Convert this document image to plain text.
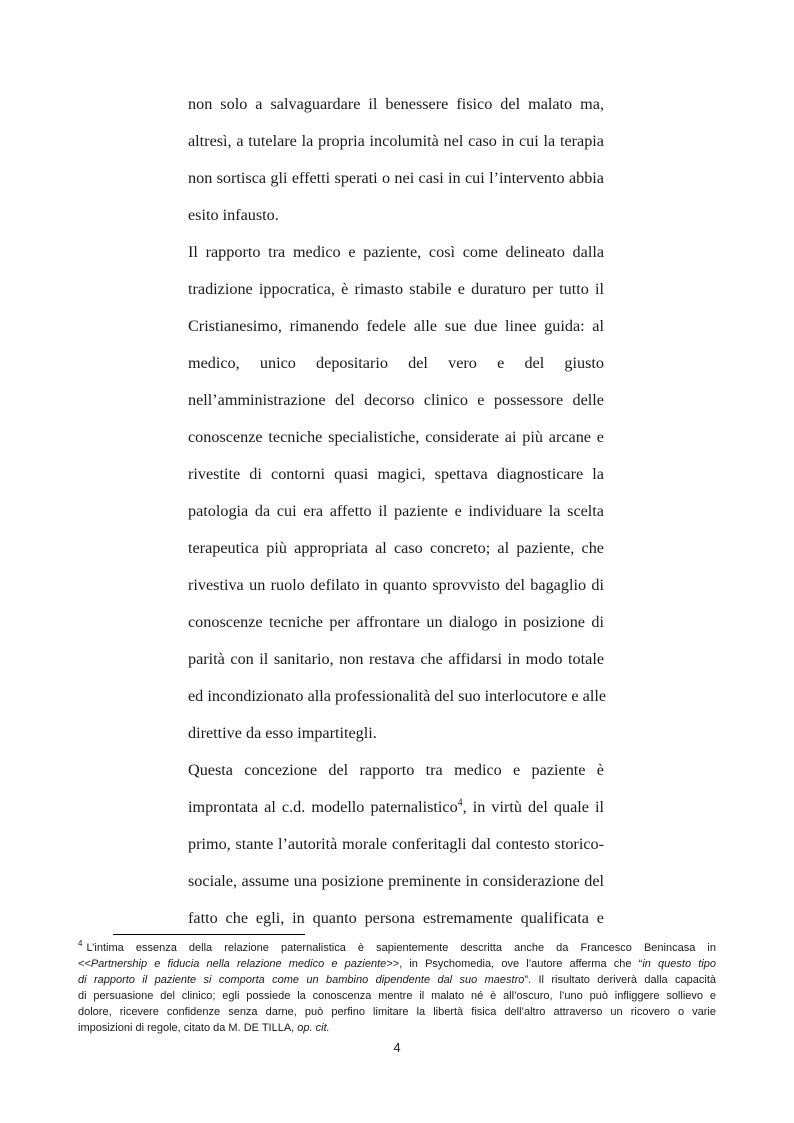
non solo a salvaguardare il benessere fisico del malato ma,
altresì, a tutelare la propria incolumità nel caso in cui la terapia
non sortisca gli effetti sperati o nei casi in cui l’intervento abbia
esito infausto.
Il rapporto tra medico e paziente, così come delineato dalla
tradizione ippocratica, è rimasto stabile e duraturo per tutto il
Cristianesimo, rimanendo fedele alle sue due linee guida: al
medico, unico depositario del vero e del giusto
nell’amministrazione del decorso clinico e possessore delle
conoscenze tecniche specialistiche, considerate ai più arcane e
rivestite di contorni quasi magici, spettava diagnosticare la
patologia da cui era affetto il paziente e individuare la scelta
terapeutica più appropriata al caso concreto; al paziente, che
rivestiva un ruolo defilato in quanto sprovvisto del bagaglio di
conoscenze tecniche per affrontare un dialogo in posizione di
parità con il sanitario, non restava che affidarsi in modo totale
ed incondizionato alla professionalità del suo interlocutore e alle
direttive da esso impartitegli.
Questa concezione del rapporto tra medico e paziente è
improntata al c.d. modello paternalistico$^4$, in virtù del quale il
primo, stante l’autorità morale conferitagli dal contesto storico-
sociale, assume una posizione preminente in considerazione del
fatto che egli, in quanto persona estremamente qualificata e
$^4$ L’intima essenza della relazione paternalistica è sapientemente descritta anche da Francesco Benincasa in
<<Partnership e fiducia nella relazione medico e paziente>>, in Psychomedia, ove l’autore afferma che “in questo tipo
di rapporto il paziente si comporta come un bambino dipendente dal suo maestro”. Il risultato deriverà dalla capacità
di persuasione del clinico; egli possiede la conoscenza mentre il malato né è all’oscuro, l’uno può infliggere sollievo e
dolore, ricevere confidenze senza darne, può perfino limitare la libertà fisica dell’altro attraverso un ricovero o varie
imposizioni di regole, citato da M. DE TILLA, op. cit.
4
